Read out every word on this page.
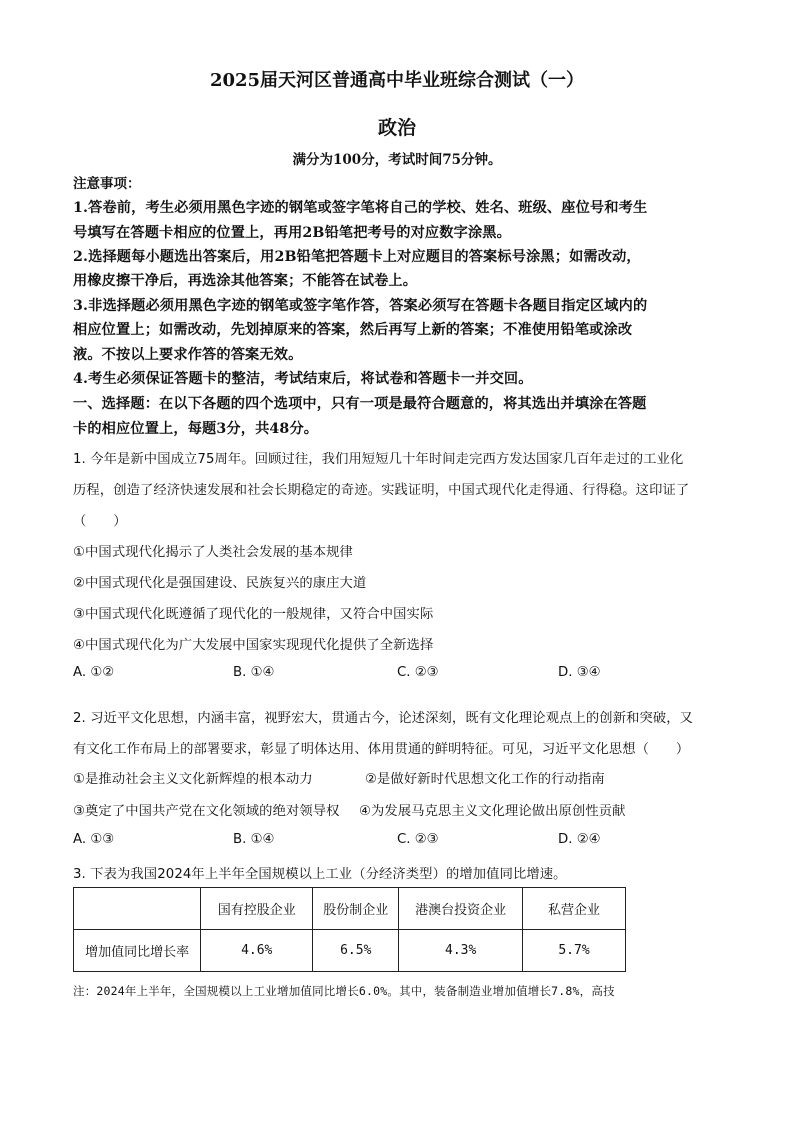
2025届天河区普通高中毕业班综合测试（一）
政治
满分为100分，考试时间75分钟。
注意事项：
1.答卷前，考生必须用黑色字迹的钢笔或签字笔将自己的学校、姓名、班级、座位号和考生
号填写在答题卡相应的位置上，再用2B铅笔把考号的对应数字涂黑。
2.选择题每小题选出答案后，用2B铅笔把答题卡上对应题目的答案标号涂黑；如需改动，
用橡皮擦干净后，再选涂其他答案；不能答在试卷上。
3.非选择题必须用黑色字迹的钢笔或签字笔作答，答案必须写在答题卡各题目指定区域内的
相应位置上；如需改动，先划掉原来的答案，然后再写上新的答案；不准使用铅笔或涂改
液。不按以上要求作答的答案无效。
4.考生必须保证答题卡的整洁，考试结束后，将试卷和答题卡一并交回。
一、选择题：在以下各题的四个选项中，只有一项是最符合题意的，将其选出并填涂在答题
卡的相应位置上，每题3分，共48分。
1. 今年是新中国成立75周年。回顾过往，我们用短短几十年时间走完西方发达国家几百年走过的工业化
历程，创造了经济快速发展和社会长期稳定的奇迹。实践证明，中国式现代化走得通、行得稳。这印证了
（　　）
①中国式现代化揭示了人类社会发展的基本规律
②中国式现代化是强国建设、民族复兴的康庄大道
③中国式现代化既遵循了现代化的一般规律，又符合中国实际
④中国式现代化为广大发展中国家实现现代化提供了全新选择
A. ①②	B. ①④	C. ②③	D. ③④
2. 习近平文化思想，内涵丰富，视野宏大，贯通古今，论述深刻，既有文化理论观点上的创新和突破，又
有文化工作布局上的部署要求，彰显了明体达用、体用贯通的鲜明特征。可见，习近平文化思想（　　）
①是推动社会主义文化新辉煌的根本动力	②是做好新时代思想文化工作的行动指南
③奠定了中国共产党在文化领域的绝对领导权 ④为发展马克思主义文化理论做出原创性贡献
A. ①③	B. ①④	C. ②③	D. ②④
3. 下表为我国2024年上半年全国规模以上工业（分经济类型）的增加值同比增速。
	国有控股企业	股份制企业	港澳台投资企业	私营企业
增加值同比增长率	4.6%	6.5%	4.3%	5.7%
注：2024年上半年，全国规模以上工业增加值同比增长6.0%。其中，装备制造业增加值增长7.8%，高技
